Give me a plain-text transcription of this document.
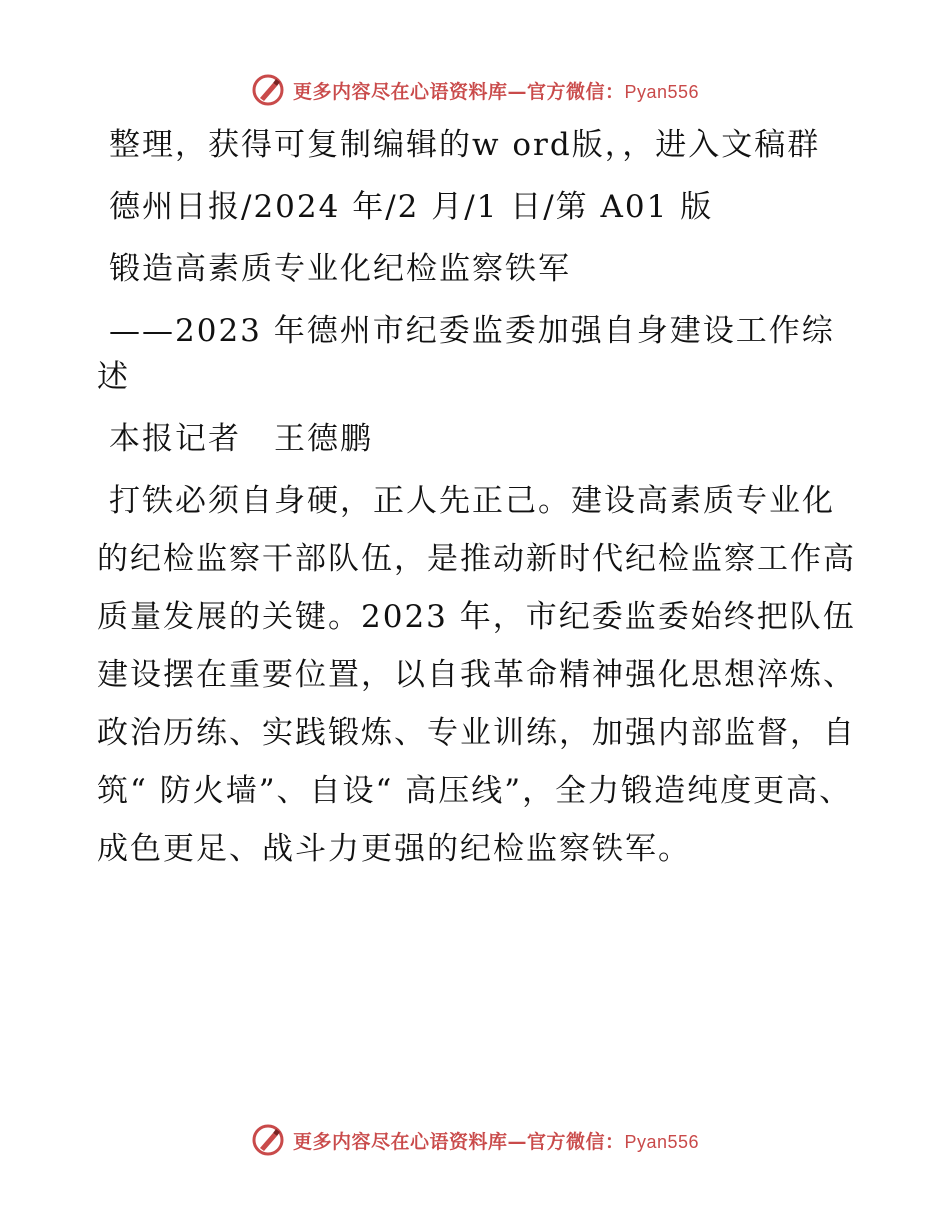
更多内容尽在心语资料库—官方微信：Pyan556

整理，获得可复制编辑的w ord版，，进入文稿群

德州日报/2024 年/2 月/1 日/第 A01 版

锻造高素质专业化纪检监察铁军

——2023 年德州市纪委监委加强自身建设工作综述

本报记者　王德鹏

打铁必须自身硬，正人先正己。建设高素质专业化的纪检监察干部队伍，是推动新时代纪检监察工作高质量发展的关键。2023 年，市纪委监委始终把队伍建设摆在重要位置，以自我革命精神强化思想淬炼、政治历练、实践锻炼、专业训练，加强内部监督，自筑“ 防火墙”、自设“ 高压线”，全力锻造纯度更高、成色更足、战斗力更强的纪检监察铁军。

更多内容尽在心语资料库—官方微信：Pyan556
